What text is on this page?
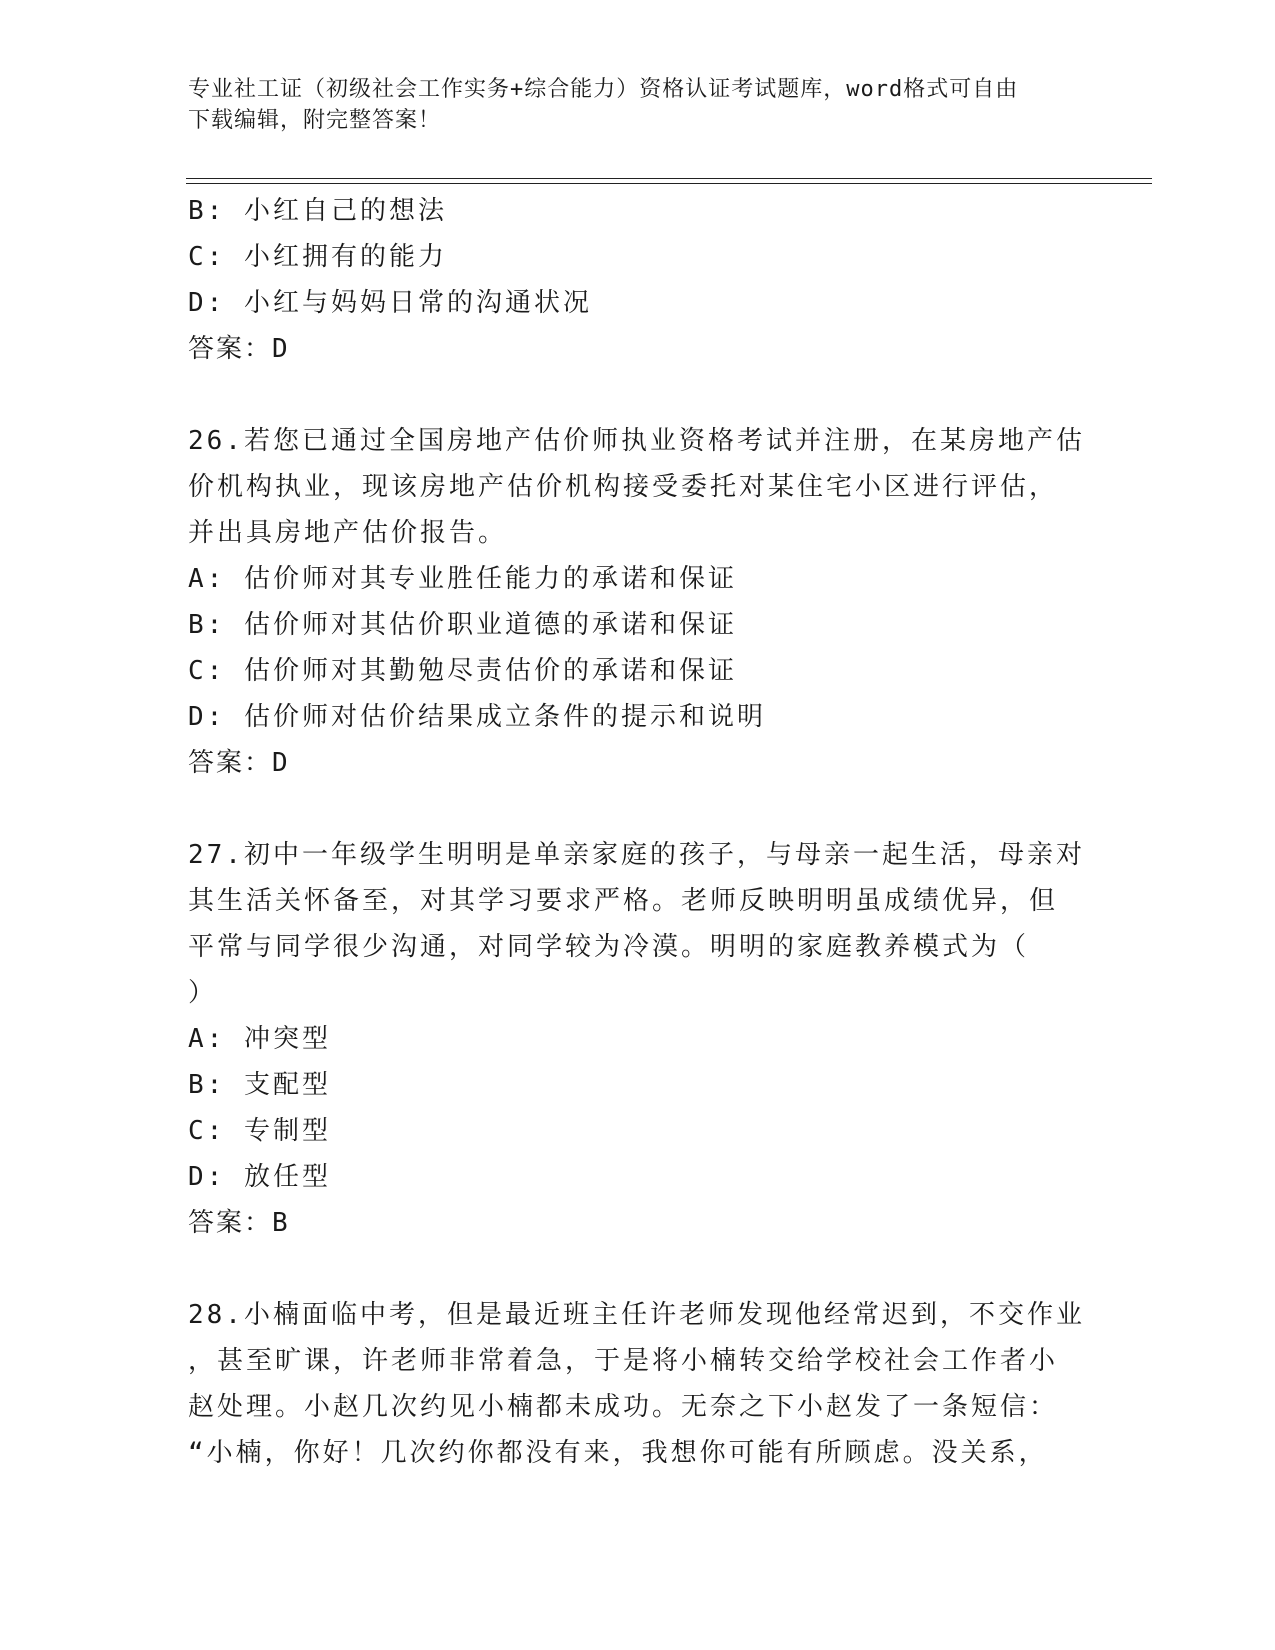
专业社工证（初级社会工作实务+综合能力）资格认证考试题库，word格式可自由
下载编辑，附完整答案！
B: 小红自己的想法
C: 小红拥有的能力
D: 小红与妈妈日常的沟通状况
答案：D
26.若您已通过全国房地产估价师执业资格考试并注册，在某房地产估
价机构执业，现该房地产估价机构接受委托对某住宅小区进行评估，
并出具房地产估价报告。
A: 估价师对其专业胜任能力的承诺和保证
B: 估价师对其估价职业道德的承诺和保证
C: 估价师对其勤勉尽责估价的承诺和保证
D: 估价师对估价结果成立条件的提示和说明
答案：D
27.初中一年级学生明明是单亲家庭的孩子，与母亲一起生活，母亲对
其生活关怀备至，对其学习要求严格。老师反映明明虽成绩优异，但
平常与同学很少沟通，对同学较为冷漠。明明的家庭教养模式为（
）
A: 冲突型
B: 支配型
C: 专制型
D: 放任型
答案：B
28.小楠面临中考，但是最近班主任许老师发现他经常迟到，不交作业
，甚至旷课，许老师非常着急，于是将小楠转交给学校社会工作者小
赵处理。小赵几次约见小楠都未成功。无奈之下小赵发了一条短信：
“小楠，你好！几次约你都没有来，我想你可能有所顾虑。没关系，
